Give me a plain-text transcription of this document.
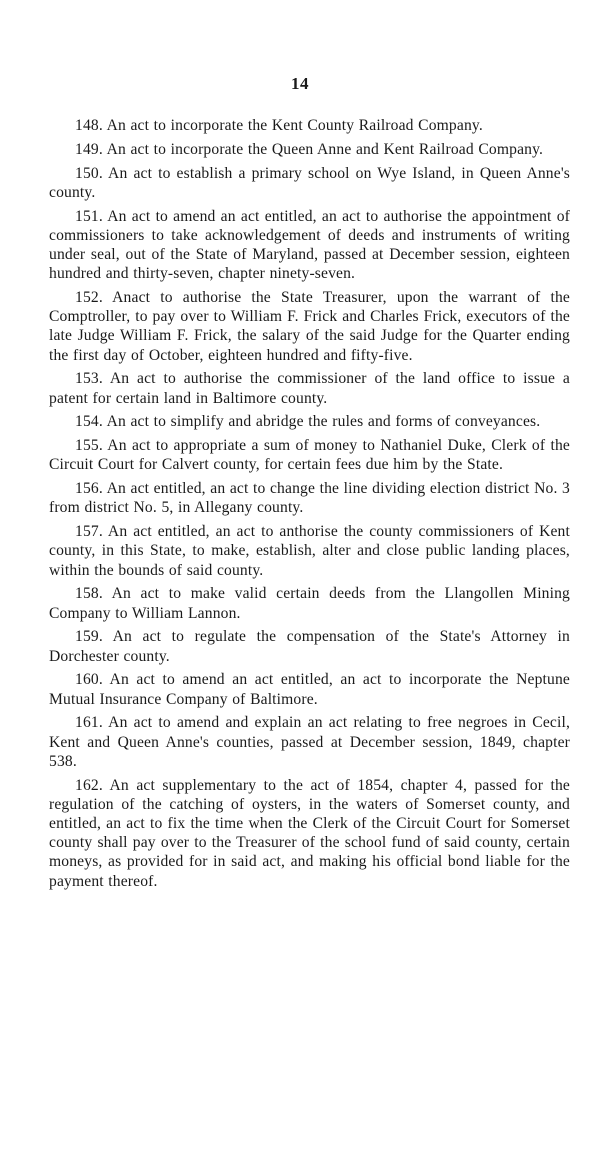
14

148. An act to incorporate the Kent County Railroad Company.

149. An act to incorporate the Queen Anne and Kent Railroad Company.

150. An act to establish a primary school on Wye Island, in Queen Anne's county.

151. An act to amend an act entitled, an act to authorise the appointment of commissioners to take acknowledgement of deeds and instruments of writing under seal, out of the State of Maryland, passed at December session, eighteen hundred and thirty-seven, chapter ninety-seven.

152. Anact to authorise the State Treasurer, upon the warrant of the Comptroller, to pay over to William F. Frick and Charles Frick, executors of the late Judge William F. Frick, the salary of the said Judge for the Quarter ending the first day of October, eighteen hundred and fifty-five.

153. An act to authorise the commissioner of the land office to issue a patent for certain land in Baltimore county.

154. An act to simplify and abridge the rules and forms of conveyances.

155. An act to appropriate a sum of money to Nathaniel Duke, Clerk of the Circuit Court for Calvert county, for certain fees due him by the State.

156. An act entitled, an act to change the line dividing election district No. 3 from district No. 5, in Allegany county.

157. An act entitled, an act to anthorise the county commissioners of Kent county, in this State, to make, establish, alter and close public landing places, within the bounds of said county.

158. An act to make valid certain deeds from the Llangollen Mining Company to William Lannon.

159. An act to regulate the compensation of the State's Attorney in Dorchester county.

160. An act to amend an act entitled, an act to incorporate the Neptune Mutual Insurance Company of Baltimore.

161. An act to amend and explain an act relating to free negroes in Cecil, Kent and Queen Anne's counties, passed at December session, 1849, chapter 538.

162. An act supplementary to the act of 1854, chapter 4, passed for the regulation of the catching of oysters, in the waters of Somerset county, and entitled, an act to fix the time when the Clerk of the Circuit Court for Somerset county shall pay over to the Treasurer of the school fund of said county, certain moneys, as provided for in said act, and making his official bond liable for the payment thereof.
